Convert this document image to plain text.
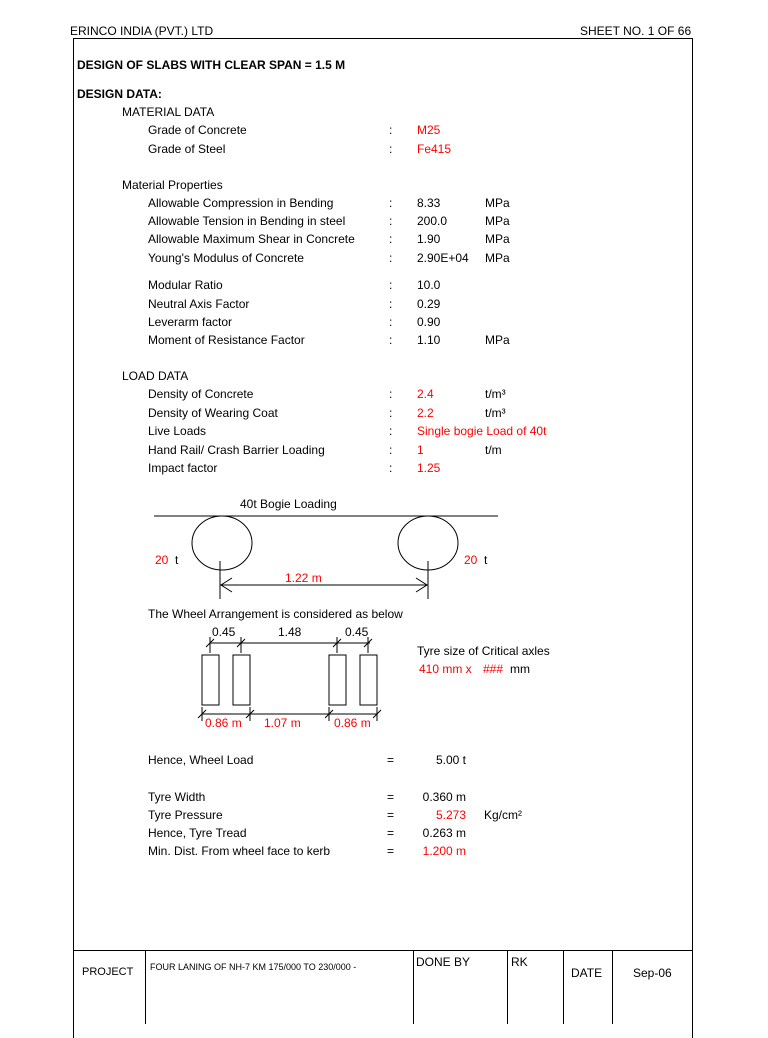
ERINCO INDIA (PVT.) LTD	SHEET NO. 1 OF 66
DESIGN OF SLABS WITH CLEAR SPAN = 1.5 M
DESIGN DATA:
MATERIAL DATA
Grade of Concrete	: M25
Grade of Steel	: Fe415
Material Properties
Allowable Compression in Bending	: 8.33	MPa
Allowable Tension in Bending in steel	: 200.0	MPa
Allowable Maximum Shear in Concrete	: 1.90	MPa
Young's Modulus of Concrete	: 2.90E+04 MPa
Modular Ratio	: 10.0
Neutral Axis Factor	: 0.29
Leverarm factor	: 0.90
Moment of Resistance Factor	: 1.10	MPa
LOAD DATA
Density of Concrete	: 2.4	t/m³
Density of Wearing Coat	: 2.2	t/m³
Live Loads	: Single bogie Load of 40t
Hand Rail/ Crash Barrier Loading	: 1	t/m
Impact factor	: 1.25
40t Bogie Loading
20 t	20 t
1.22 m
The Wheel Arrangement is considered as below
0.45	1.48	0.45
0.86 m 1.07 m	0.86 m
Tyre size of Critical axles
410 mm x ### mm
Hence, Wheel Load	=	5.00 t
Tyre Width	= 0.360 m
Tyre Pressure	=	5.273 Kg/cm²
Hence, Tyre Tread	= 0.263 m
Min. Dist. From wheel face to kerb	= 1.200 m
PROJECT FOUR LANING OF NH-7 KM 175/000 TO 230/000 -	DONE BY	RK
DATE	Sep-06
